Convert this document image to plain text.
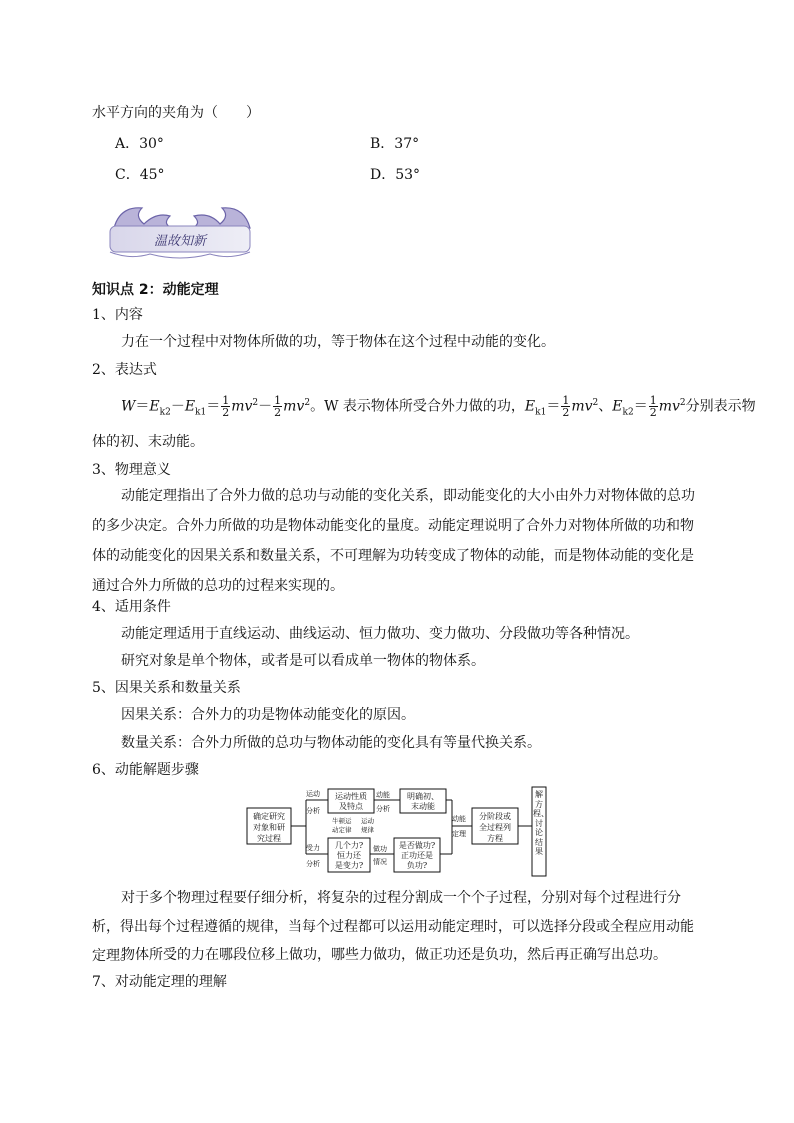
水平方向的夹角为（　　）
A．30°	B．37°
C．45°	D．53°
温故知新
知识点 2：动能定理
1、内容
力在一个过程中对物体所做的功，等于物体在这个过程中动能的变化。
2、表达式
$W=E_{k2}-E_{k1}= \frac{1}{2} mv^2- \frac{1}{2} mv^2$。W 表示物体所受合外力做的功，$E_{k1}= \frac{1}{2} mv^2$、$E_{k2}= \frac{1}{2} mv^2$分别表示物
体的初、末动能。
3、物理意义
动能定理指出了合外力做的总功与动能的变化关系，即动能变化的大小由外力对物体做的总功的多少决定。合外力所做的功是物体动能变化的量度。动能定理说明了合外力对物体所做的功和物体的动能变化的因果关系和数量关系，不可理解为功转变成了物体的动能，而是物体动能的变化是通过合外力所做的总功的过程来实现的。
4、适用条件
动能定理适用于直线运动、曲线运动、恒力做功、变力做功、分段做功等各种情况。
研究对象是单个物体，或者是可以看成单一物体的物体系。
5、因果关系和数量关系
因果关系：合外力的功是物体动能变化的原因。
数量关系：合外力所做的总功与物体动能的变化具有等量代换关系。
6、动能解题步骤
确定研究
对象和研
究过程
运动
分析
受力
分析
运动性质
及特点
牛顿运
动定律
运动
规律
几个力?
恒力还
是变力?
做功
情况
是否做功?
正功还是
负功?
动能
分析
明确初、
末动能
动能
定理
分阶段或
全过程列
方程
解方程、讨论结果
对于多个物理过程要仔细分析，将复杂的过程分割成一个个子过程，分别对每个过程进行分析，得出每个过程遵循的规律，当每个过程都可以运用动能定理时，可以选择分段或全程应用动能定理。
物体所受的力在哪段位移上做功，哪些力做功，做正功还是负功，然后再正确写出总功。
7、对动能定理的理解
